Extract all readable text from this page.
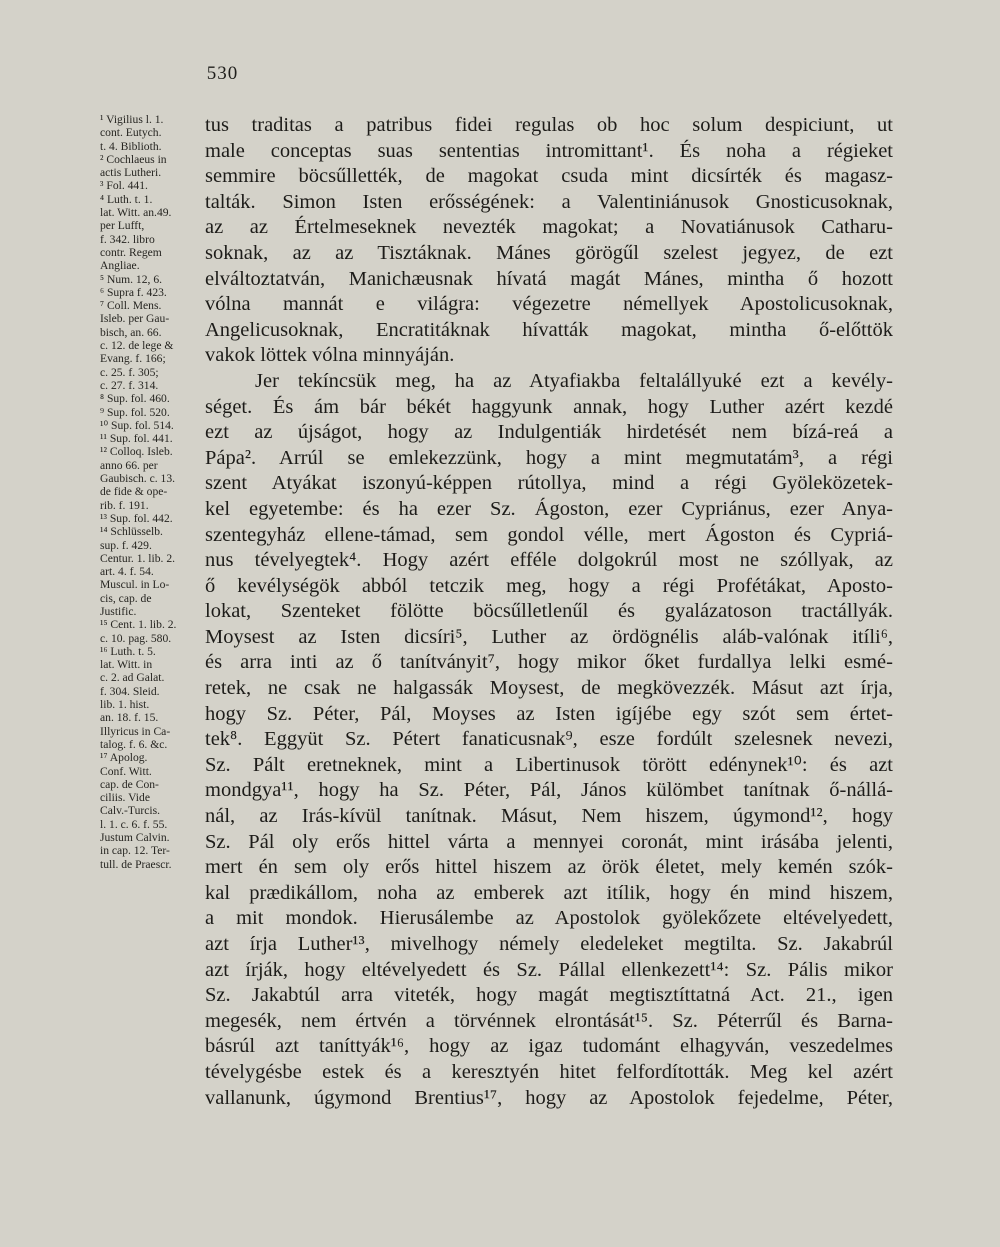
530
¹ Vigilius l. 1.
cont. Eutych.
t. 4. Biblioth.
² Cochlaeus in
actis Lutheri.
³ Fol. 441.
⁴ Luth. t. 1.
lat. Witt. an.49.
per Lufft,
f. 342. libro
contr. Regem
Angliae.
⁵ Num. 12, 6.
⁶ Supra f. 423.
⁷ Coll. Mens.
Isleb. per Gau-
bisch, an. 66.
c. 12. de lege &
Evang. f. 166;
c. 25. f. 305;
c. 27. f. 314.
⁸ Sup. fol. 460.
⁹ Sup. fol. 520.
¹⁰ Sup. fol. 514.
¹¹ Sup. fol. 441.
¹² Colloq. Isleb.
anno 66. per
Gaubisch. c. 13.
de fide & ope-
rib. f. 191.
¹³ Sup. fol. 442.
¹⁴ Schlüsselb.
sup. f. 429.
Centur. 1. lib. 2.
art. 4. f. 54.
Muscul. in Lo-
cis, cap. de
Justific.
¹⁵ Cent. 1. lib. 2.
c. 10. pag. 580.
¹⁶ Luth. t. 5.
lat. Witt. in
c. 2. ad Galat.
f. 304. Sleid.
lib. 1. hist.
an. 18. f. 15.
Illyricus in Ca-
talog. f. 6. &c.
¹⁷ Apolog.
Conf. Witt.
cap. de Con-
ciliis. Vide
Calv.-Turcis.
l. 1. c. 6. f. 55.
Justum Calvin.
in cap. 12. Ter-
tull. de Praescr.
tus traditas a patribus fidei regulas ob hoc solum despiciunt, ut
male conceptas suas sententias intromittant¹. És noha a régieket
semmire böcsűllették, de magokat csuda mint dicsírték és magasz-
talták. Simon Isten erősségének: a Valentiniánusok Gnosticusoknak,
az az Értelmeseknek nevezték magokat; a Novatiánusok Catharu-
soknak, az az Tisztáknak. Mánes görögűl szelest jegyez, de ezt
elváltoztatván, Manichæusnak hívatá magát Mánes, mintha ő hozott
vólna mannát e világra: végezetre némellyek Apostolicusoknak,
Angelicusoknak, Encratitáknak hívatták magokat, mintha ő-előttök
vakok löttek vólna minnyáján.
Jer tekíncsük meg, ha az Atyafiakba feltalállyuké ezt a kevély-
séget. És ám bár békét haggyunk annak, hogy Luther azért kezdé
ezt az újságot, hogy az Indulgentiák hirdetését nem bízá-reá a
Pápa². Arrúl se emlekezzünk, hogy a mint megmutatám³, a régi
szent Atyákat iszonyú-képpen rútollya, mind a régi Gyöleközetek-
kel egyetembe: és ha ezer Sz. Ágoston, ezer Cypriánus, ezer Anya-
szentegyház ellene-támad, sem gondol vélle, mert Ágoston és Cypriá-
nus tévelyegtek⁴. Hogy azért efféle dolgokrúl most ne szóllyak, az
ő kevélységök abból tetczik meg, hogy a régi Profétákat, Aposto-
lokat, Szenteket fölötte böcsűlletlenűl és gyalázatoson tractállyák.
Moysest az Isten dicsíri⁵, Luther az ördögnélis aláb-valónak itíli⁶,
és arra inti az ő tanítványit⁷, hogy mikor őket furdallya lelki esmé-
retek, ne csak ne halgassák Moysest, de megkövezzék. Másut azt írja,
hogy Sz. Péter, Pál, Moyses az Isten igíjébe egy szót sem értet-
tek⁸. Eggyüt Sz. Pétert fanaticusnak⁹, esze fordúlt szelesnek nevezi,
Sz. Pált eretneknek, mint a Libertinusok törött edénynek¹⁰: és azt
mondgya¹¹, hogy ha Sz. Péter, Pál, János külömbet tanítnak ő-nállá-
nál, az Irás-kívül tanítnak. Másut, Nem hiszem, úgymond¹², hogy
Sz. Pál oly erős hittel várta a mennyei coronát, mint irásába jelenti,
mert én sem oly erős hittel hiszem az örök életet, mely kemén szók-
kal prædikállom, noha az emberek azt itílik, hogy én mind hiszem,
a mit mondok. Hierusálembe az Apostolok gyölekőzete eltévelyedett,
azt írja Luther¹³, mivelhogy némely eledeleket megtilta. Sz. Jakabrúl
azt írják, hogy eltévelyedett és Sz. Pállal ellenkezett¹⁴: Sz. Pális mikor
Sz. Jakabtúl arra viteték, hogy magát megtisztíttatná Act. 21., igen
megesék, nem értvén a törvénnek elrontását¹⁵. Sz. Péterrűl és Barna-
básrúl azt taníttyák¹⁶, hogy az igaz tudománt elhagyván, veszedelmes
tévelygésbe estek és a keresztyén hitet felfordították. Meg kel azért
vallanunk, úgymond Brentius¹⁷, hogy az Apostolok fejedelme, Péter,
